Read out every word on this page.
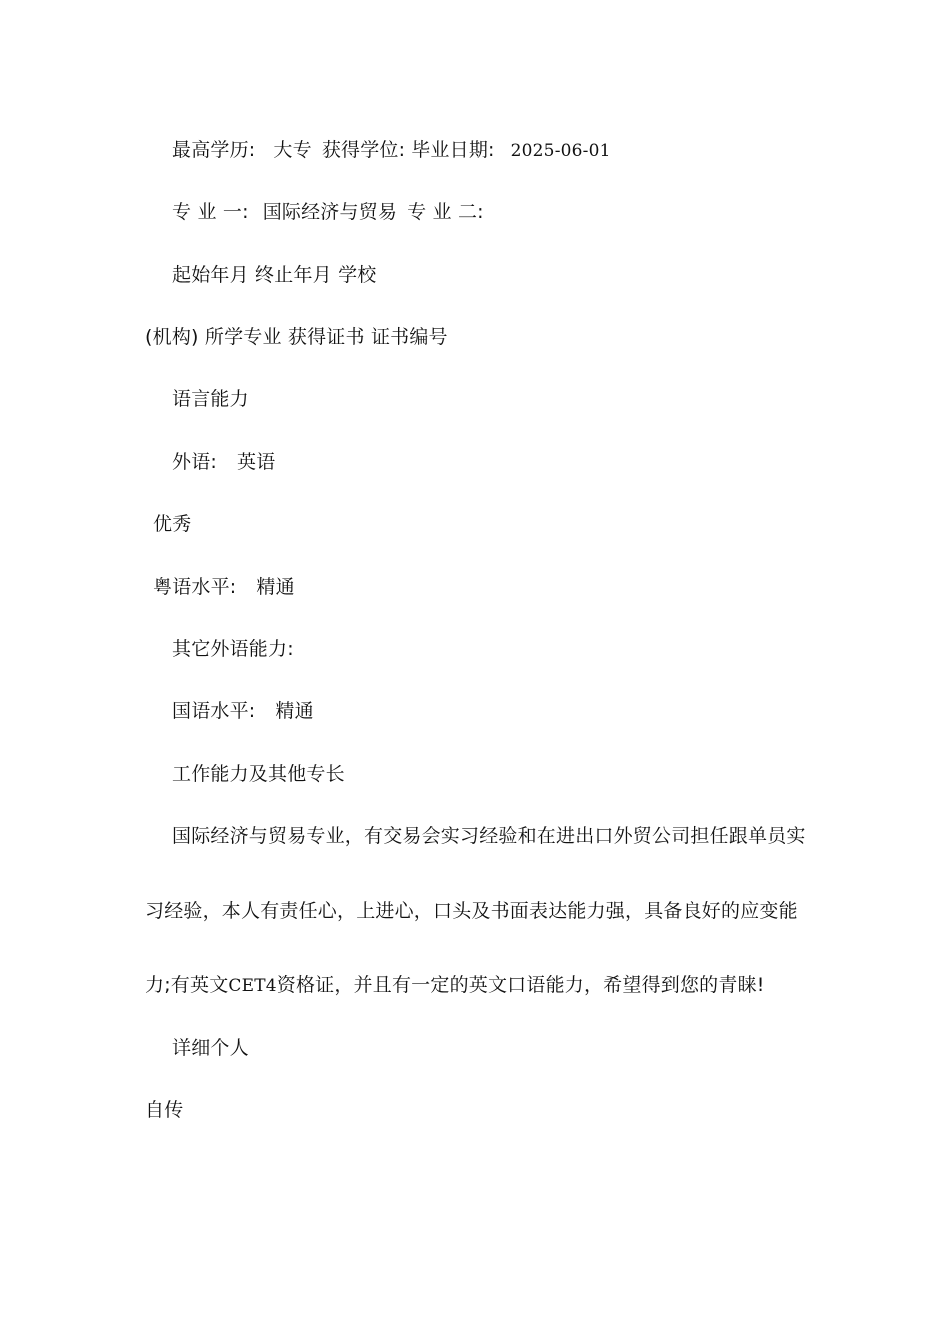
最高学历: 大专 获得学位: 毕业日期: 2025-06-01
专 业 一: 国际经济与贸易 专 业 二:
起始年月 终止年月 学校
(机构) 所学专业 获得证书 证书编号
语言能力
外语: 英语
优秀
粤语水平: 精通
其它外语能力:
国语水平: 精通
工作能力及其他专长
国际经济与贸易专业，有交易会实习经验和在进出口外贸公司担任跟单员实
习经验，本人有责任心，上进心，口头及书面表达能力强，具备良好的应变能
力;有英文CET4资格证，并且有一定的英文口语能力，希望得到您的青睐!
详细个人
自传
